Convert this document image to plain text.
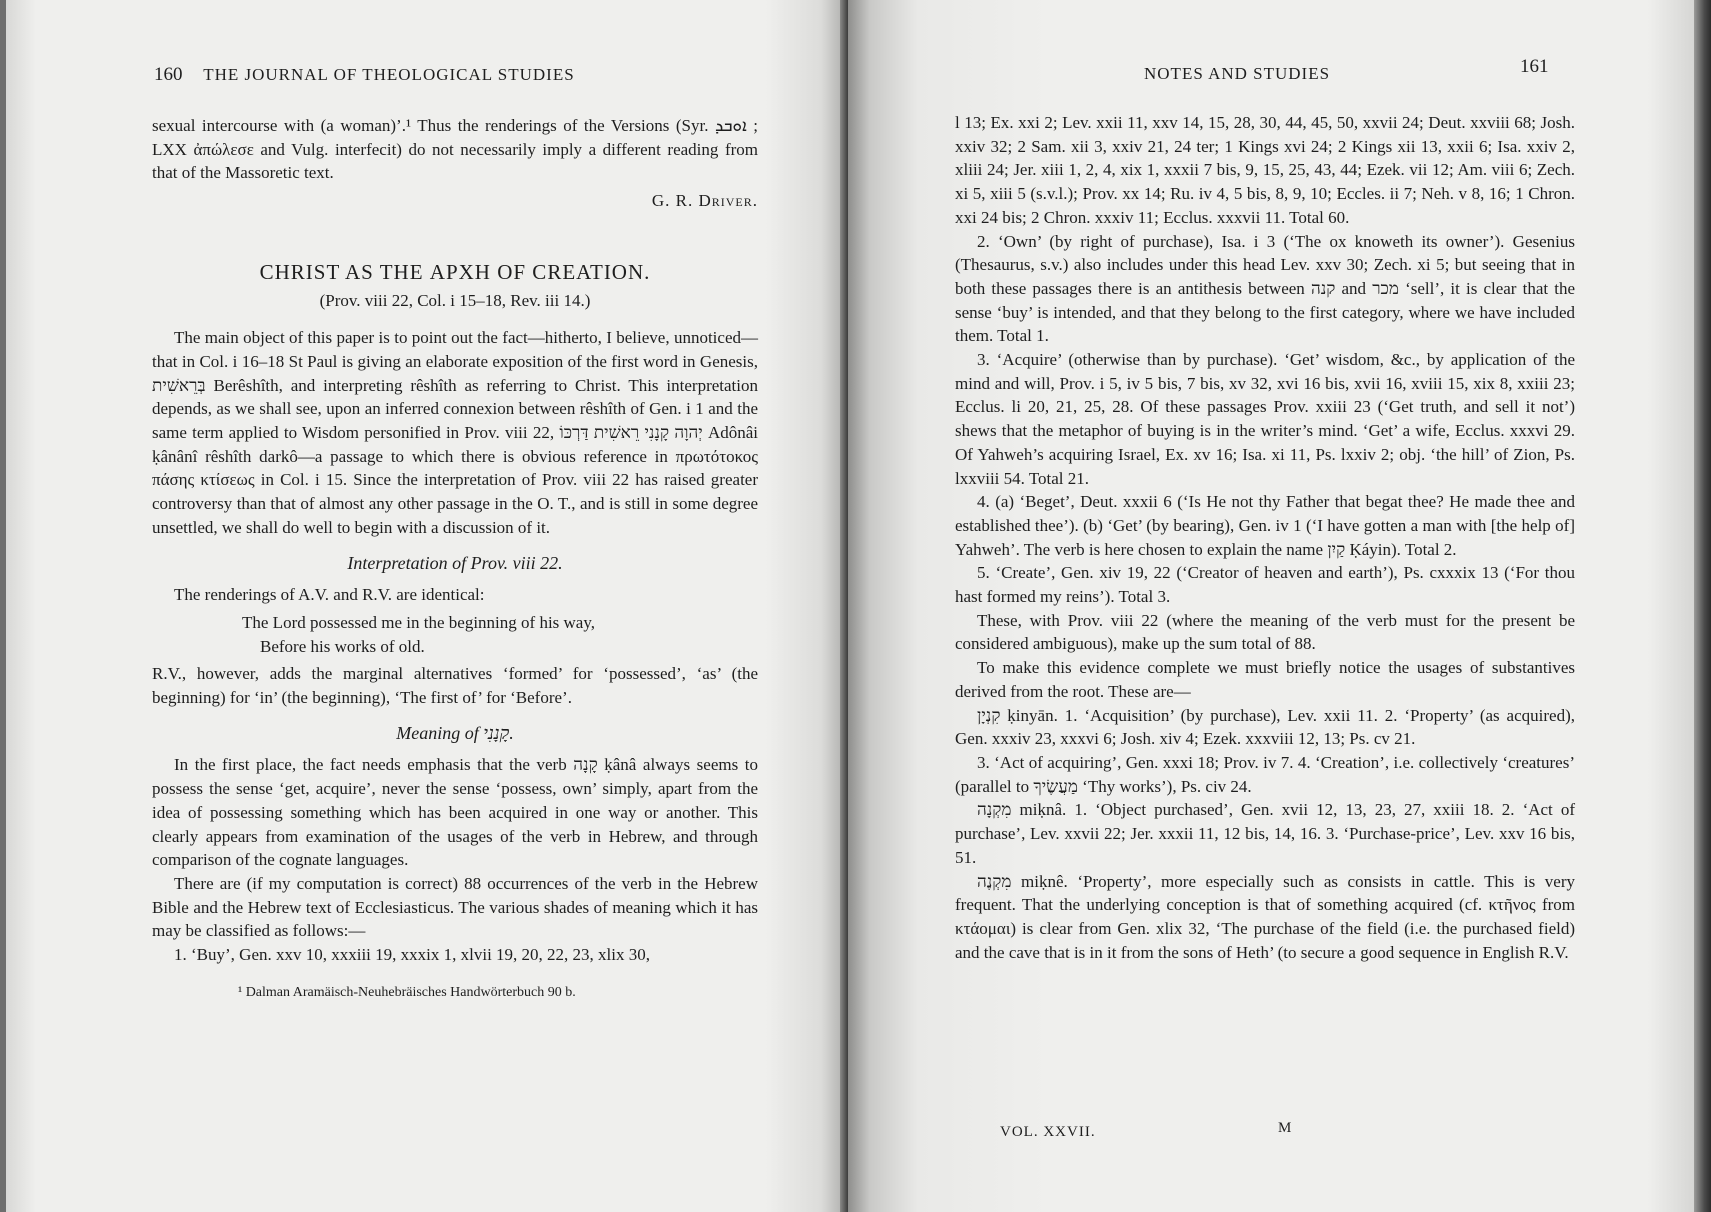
160 THE JOURNAL OF THEOLOGICAL STUDIES

sexual intercourse with (a woman)’.¹ Thus the renderings of the Versions (Syr. ܐܘܒܕ ; LXX ἀπώλεσε and Vulg. interfecit) do not necessarily imply a different reading from that of the Massoretic text.

G. R. Driver.

CHRIST AS THE ΑΡΧΗ OF CREATION.

(Prov. viii 22, Col. i 15–18, Rev. iii 14.)

The main object of this paper is to point out the fact—hitherto, I believe, unnoticed—that in Col. i 16–18 St Paul is giving an elaborate exposition of the first word in Genesis, בְּרֵאשִׁית Berêshîth, and interpreting rêshîth as referring to Christ. This interpretation depends, as we shall see, upon an inferred connexion between rêshîth of Gen. i 1 and the same term applied to Wisdom personified in Prov. viii 22, יְהוָה קָנָנִי רֵאשִׁית דַּרְכּוֹ Adônâi ḳânânî rêshîth darkô—a passage to which there is obvious reference in πρωτότοκος πάσης κτίσεως in Col. i 15. Since the interpretation of Prov. viii 22 has raised greater controversy than that of almost any other passage in the O. T., and is still in some degree unsettled, we shall do well to begin with a discussion of it.

Interpretation of Prov. viii 22.

The renderings of A.V. and R.V. are identical:

The Lord possessed me in the beginning of his way,
Before his works of old.

R.V., however, adds the marginal alternatives ‘formed’ for ‘possessed’, ‘as’ (the beginning) for ‘in’ (the beginning), ‘The first of’ for ‘Before’.

Meaning of קָנָנִי.

In the first place, the fact needs emphasis that the verb קָנָה ḳânâ always seems to possess the sense ‘get, acquire’, never the sense ‘possess, own’ simply, apart from the idea of possessing something which has been acquired in one way or another. This clearly appears from examination of the usages of the verb in Hebrew, and through comparison of the cognate languages.

There are (if my computation is correct) 88 occurrences of the verb in the Hebrew Bible and the Hebrew text of Ecclesiasticus. The various shades of meaning which it has may be classified as follows:—

1. ‘Buy’, Gen. xxv 10, xxxiii 19, xxxix 1, xlvii 19, 20, 22, 23, xlix 30,

¹ Dalman Aramäisch-Neuhebräisches Handwörterbuch 90 b.

NOTES AND STUDIES	161

l 13; Ex. xxi 2; Lev. xxii 11, xxv 14, 15, 28, 30, 44, 45, 50, xxvii 24; Deut. xxviii 68; Josh. xxiv 32; 2 Sam. xii 3, xxiv 21, 24 ter; 1 Kings xvi 24; 2 Kings xii 13, xxii 6; Isa. xxiv 2, xliii 24; Jer. xiii 1, 2, 4, xix 1, xxxii 7 bis, 9, 15, 25, 43, 44; Ezek. vii 12; Am. viii 6; Zech. xi 5, xiii 5 (s.v.l.); Prov. xx 14; Ru. iv 4, 5 bis, 8, 9, 10; Eccles. ii 7; Neh. v 8, 16; 1 Chron. xxi 24 bis; 2 Chron. xxxiv 11; Ecclus. xxxvii 11. Total 60.

2. ‘Own’ (by right of purchase), Isa. i 3 (‘The ox knoweth its owner’). Gesenius (Thesaurus, s.v.) also includes under this head Lev. xxv 30; Zech. xi 5; but seeing that in both these passages there is an antithesis between קנה and מכר ‘sell’, it is clear that the sense ‘buy’ is intended, and that they belong to the first category, where we have included them. Total 1.

3. ‘Acquire’ (otherwise than by purchase). ‘Get’ wisdom, &c., by application of the mind and will, Prov. i 5, iv 5 bis, 7 bis, xv 32, xvi 16 bis, xvii 16, xviii 15, xix 8, xxiii 23; Ecclus. li 20, 21, 25, 28. Of these passages Prov. xxiii 23 (‘Get truth, and sell it not’) shews that the metaphor of buying is in the writer’s mind. ‘Get’ a wife, Ecclus. xxxvi 29. Of Yahweh’s acquiring Israel, Ex. xv 16; Isa. xi 11, Ps. lxxiv 2; obj. ‘the hill’ of Zion, Ps. lxxviii 54. Total 21.

4. (a) ‘Beget’, Deut. xxxii 6 (‘Is He not thy Father that begat thee? He made thee and established thee’). (b) ‘Get’ (by bearing), Gen. iv 1 (‘I have gotten a man with [the help of] Yahweh’. The verb is here chosen to explain the name קַיִן Ḳáyin). Total 2.

5. ‘Create’, Gen. xiv 19, 22 (‘Creator of heaven and earth’), Ps. cxxxix 13 (‘For thou hast formed my reins’). Total 3.

These, with Prov. viii 22 (where the meaning of the verb must for the present be considered ambiguous), make up the sum total of 88.

To make this evidence complete we must briefly notice the usages of substantives derived from the root. These are—

קִנְיָן ḳinyān. 1. ‘Acquisition’ (by purchase), Lev. xxii 11. 2. ‘Property’ (as acquired), Gen. xxxiv 23, xxxvi 6; Josh. xiv 4; Ezek. xxxviii 12, 13; Ps. cv 21.

3. ‘Act of acquiring’, Gen. xxxi 18; Prov. iv 7. 4. ‘Creation’, i.e. collectively ‘creatures’ (parallel to מַעֲשֶׂיךָ ‘Thy works’), Ps. civ 24.

מִקְנָה miḳnâ. 1. ‘Object purchased’, Gen. xvii 12, 13, 23, 27, xxiii 18. 2. ‘Act of purchase’, Lev. xxvii 22; Jer. xxxii 11, 12 bis, 14, 16. 3. ‘Purchase-price’, Lev. xxv 16 bis, 51.

מִקְנֶה miḳnê. ‘Property’, more especially such as consists in cattle. This is very frequent. That the underlying conception is that of something acquired (cf. κτῆνος from κτάομαι) is clear from Gen. xlix 32, ‘The purchase of the field (i.e. the purchased field) and the cave that is in it from the sons of Heth’ (to secure a good sequence in English R.V.

VOL. XXVII.	M
